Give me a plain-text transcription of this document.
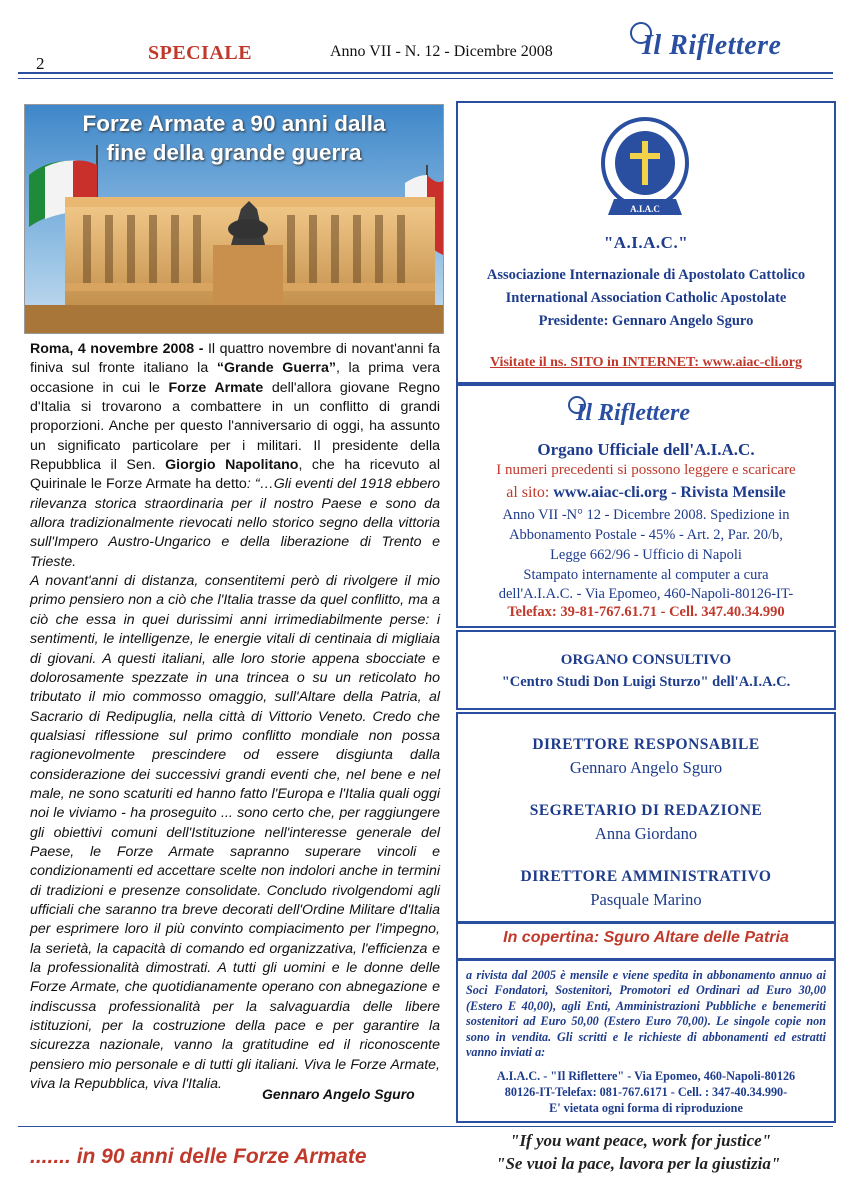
2	SPECIALE	Anno VII - N. 12 - Dicembre 2008	Il Riflettere
Forze Armate a 90 anni dalla
fine della grande guerra

Roma, 4 novembre 2008 - Il quattro novembre di novant'anni fa finiva sul fronte italiano la “Grande Guerra”, la prima vera occasione in cui le Forze Armate dell'allora giovane Regno d'Italia si trovarono a combattere in un conflitto di grandi proporzioni. Anche per questo l'anniversario di oggi, ha assunto un significato particolare per i militari. Il presidente della Repubblica il Sen. Giorgio Napolitano, che ha ricevuto al Quirinale le Forze Armate ha detto: “…Gli eventi del 1918 ebbero rilevanza storica straordinaria per il nostro Paese e sono da allora tradizionalmente rievocati nello storico segno della vittoria sull'Impero Austro-Ungarico e della liberazione di Trento e Trieste.

A novant'anni di distanza, consentitemi però di rivolgere il mio primo pensiero non a ciò che l'Italia trasse da quel conflitto, ma a ciò che essa in quei durissimi anni irrimediabilmente perse: i sentimenti, le intelligenze, le energie vitali di centinaia di migliaia di giovani. A questi italiani, alle loro storie appena sbocciate e dolorosamente spezzate in una trincea o su un reticolato ho tributato il mio commosso omaggio, sull'Altare della Patria, al Sacrario di Redipuglia, nella città di Vittorio Veneto. Credo che qualsiasi riflessione sul primo conflitto mondiale non possa ragionevolmente prescindere od essere disgiunta dalla considerazione dei successivi grandi eventi che, nel bene e nel male, ne sono scaturiti ed hanno fatto l'Europa e l'Italia quali oggi noi le viviamo - ha proseguito ... sono certo che, per raggiungere gli obiettivi comuni dell'Istituzione nell'interesse generale del Paese, le Forze Armate sapranno superare vincoli e condizionamenti ed accettare scelte non indolori anche in termini di tradizioni e presenze consolidate. Concludo rivolgendomi agli ufficiali che saranno tra breve decorati dell'Ordine Militare d'Italia per esprimere loro il più convinto compiacimento per l'impegno, la serietà, la capacità di comando ed organizzativa, l'efficienza e la professionalità dimostrati. A tutti gli uomini e le donne delle Forze Armate, che quotidianamente operano con abnegazione e indiscussa professionalità per la salvaguardia delle libere istituzioni, per la costruzione della pace e per garantire la sicurezza nazionale, vanno la gratitudine ed il riconoscente pensiero mio personale e di tutti gli italiani. Viva le Forze Armate, viva la Repubblica, viva l'Italia.

Gennaro Angelo Sguro
A.I.A.C
"A.I.A.C."
Associazione Internazionale di Apostolato Cattolico
International Association Catholic Apostolate
Presidente: Gennaro Angelo Sguro
Visitate il ns. SITO in INTERNET: www.aiac-cli.org
Il Riflettere
Organo Ufficiale dell'A.I.A.C.
I numeri precedenti si possono leggere e scaricare
al sito: www.aiac-cli.org - Rivista Mensile
Anno VII -N° 12 - Dicembre 2008. Spedizione in
Abbonamento Postale - 45% - Art. 2, Par. 20/b,
Legge 662/96 - Ufficio di Napoli
Stampato internamente al computer a cura
dell'A.I.A.C. - Via Epomeo, 460-Napoli-80126-IT-
Telefax: 39-81-767.61.71 - Cell. 347.40.34.990
ORGANO CONSULTIVO
"Centro Studi Don Luigi Sturzo" dell'A.I.A.C.
DIRETTORE RESPONSABILE
Gennaro Angelo Sguro
SEGRETARIO DI REDAZIONE
Anna Giordano
DIRETTORE AMMINISTRATIVO
Pasquale Marino
In copertina: Sguro Altare delle Patria
a rivista dal 2005 è mensile e viene spedita in abbonamento annuo ai Soci Fondatori, Sostenitori, Promotori ed Ordinari ad Euro 30,00 (Estero E 40,00), agli Enti, Amministrazioni Pubbliche e benemeriti sostenitori ad Euro 50,00 (Estero Euro 70,00). Le singole copie non sono in vendita. Gli scritti e le richieste di abbonamenti ed estratti vanno inviati a:
A.I.A.C. - "Il Riflettere" - Via Epomeo, 460-Napoli-80126
80126-IT-Telefax: 081-767.6171 - Cell. : 347-40.34.990-
E' vietata ogni forma di riproduzione
....... in 90 anni delle Forze Armate
"If you want peace, work for justice"
"Se vuoi la pace, lavora per la giustizia"
